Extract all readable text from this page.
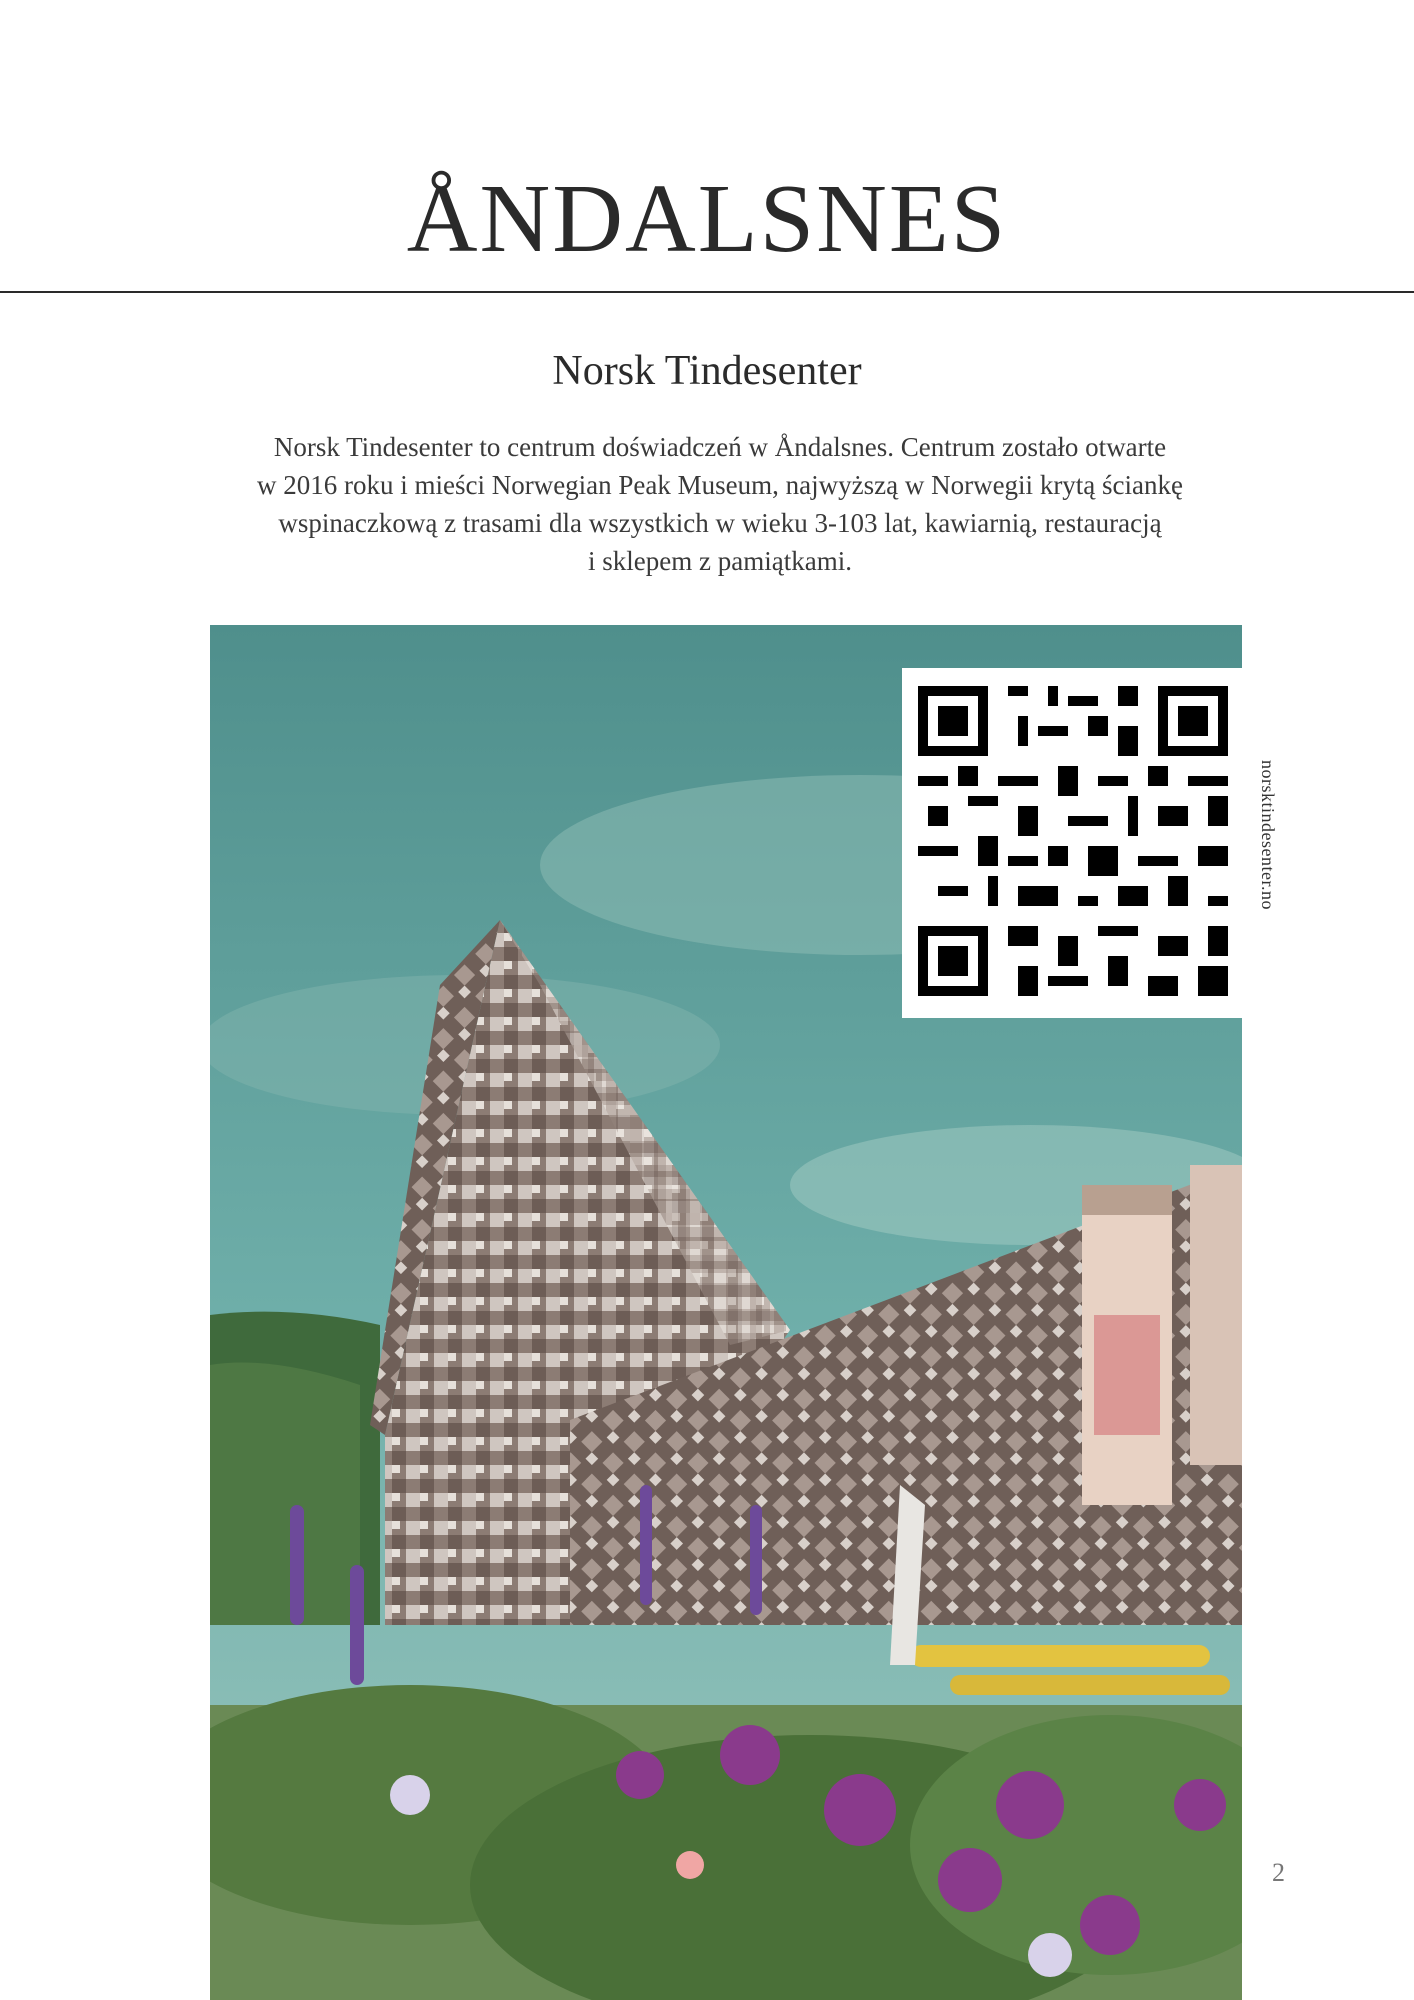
ÅNDALSNES
Norsk Tindesenter

Norsk Tindesenter to centrum doświadczeń w Åndalsnes. Centrum zostało otwarte
w 2016 roku i mieści Norwegian Peak Museum, najwyższą w Norwegii krytą ściankę
wspinaczkową z trasami dla wszystkich w wieku 3-103 lat, kawiarnią, restauracją
i sklepem z pamiątkami.

norsktindesenter.no
2
